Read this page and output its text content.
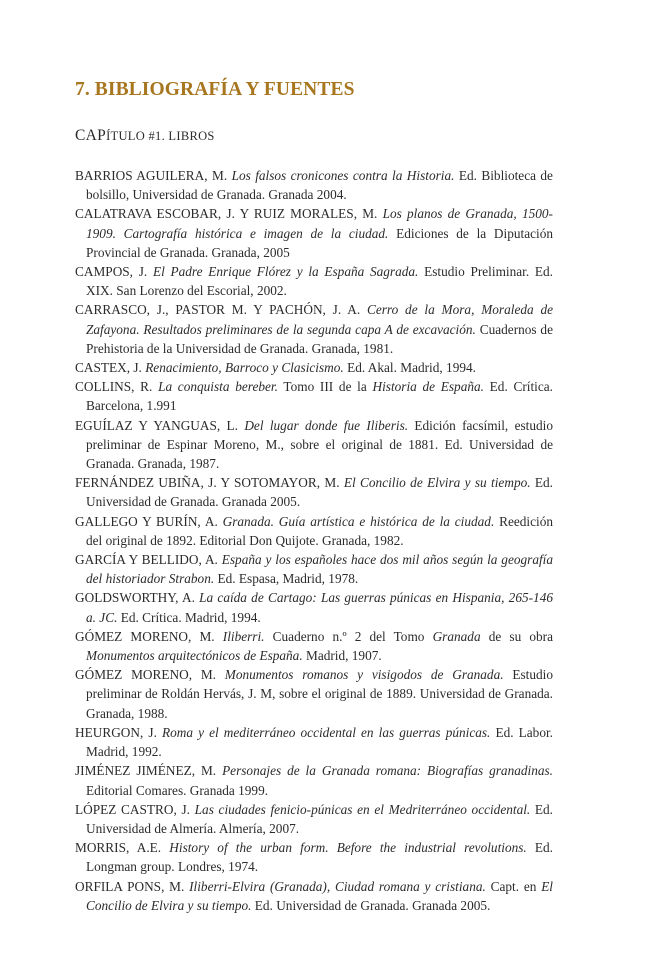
7. BIBLIOGRAFÍA Y FUENTES
CAPÍTULO #1. LIBROS
BARRIOS AGUILERA, M. Los falsos cronicones contra la Historia. Ed. Biblioteca de bolsillo, Universidad de Granada. Granada 2004.
CALATRAVA ESCOBAR, J. Y RUIZ MORALES, M. Los planos de Granada, 1500-1909. Cartografía histórica e imagen de la ciudad. Ediciones de la Diputación Provincial de Granada. Granada, 2005
CAMPOS, J. El Padre Enrique Flórez y la España Sagrada. Estudio Preliminar. Ed. XIX. San Lorenzo del Escorial, 2002.
CARRASCO, J., PASTOR M. Y PACHÓN, J. A. Cerro de la Mora, Moraleda de Zafayona. Resultados preliminares de la segunda capa A de excavación. Cuadernos de Prehistoria de la Universidad de Granada. Granada, 1981.
CASTEX, J. Renacimiento, Barroco y Clasicismo. Ed. Akal. Madrid, 1994.
COLLINS, R. La conquista bereber. Tomo III de la Historia de España. Ed. Crítica. Barcelona, 1.991
EGUÍLAZ Y YANGUAS, L. Del lugar donde fue Iliberis. Edición facsímil, estudio preliminar de Espinar Moreno, M., sobre el original de 1881. Ed. Universidad de Granada. Granada, 1987.
FERNÁNDEZ UBIÑA, J. Y SOTOMAYOR, M. El Concilio de Elvira y su tiempo. Ed. Universidad de Granada. Granada 2005.
GALLEGO Y BURÍN, A. Granada. Guía artística e histórica de la ciudad. Reedición del original de 1892. Editorial Don Quijote. Granada, 1982.
GARCÍA Y BELLIDO, A. España y los españoles hace dos mil años según la geografía del historiador Strabon. Ed. Espasa, Madrid, 1978.
GOLDSWORTHY, A. La caída de Cartago: Las guerras púnicas en Hispania, 265-146 a. JC. Ed. Crítica. Madrid, 1994.
GÓMEZ MORENO, M. Iliberri. Cuaderno n.º 2 del Tomo Granada de su obra Monumentos arquitectónicos de España. Madrid, 1907.
GÓMEZ MORENO, M. Monumentos romanos y visigodos de Granada. Estudio preliminar de Roldán Hervás, J. M, sobre el original de 1889. Universidad de Granada. Granada, 1988.
HEURGON, J. Roma y el mediterráneo occidental en las guerras púnicas. Ed. Labor. Madrid, 1992.
JIMÉNEZ JIMÉNEZ, M. Personajes de la Granada romana: Biografías granadinas. Editorial Comares. Granada 1999.
LÓPEZ CASTRO, J. Las ciudades fenicio-púnicas en el Medriterráneo occidental. Ed. Universidad de Almería. Almería, 2007.
MORRIS, A.E. History of the urban form. Before the industrial revolutions. Ed. Longman group. Londres, 1974.
ORFILA PONS, M. Iliberri-Elvira (Granada), Ciudad romana y cristiana. Capt. en El Concilio de Elvira y su tiempo. Ed. Universidad de Granada. Granada 2005.
